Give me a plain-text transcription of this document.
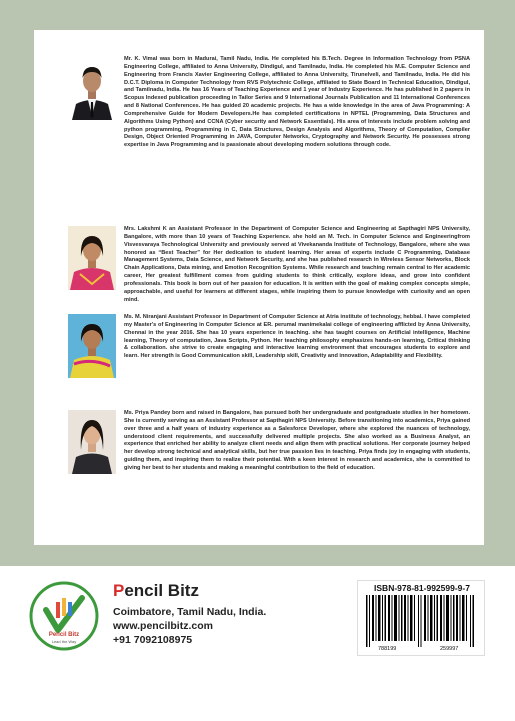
Mr. K. Vimal was born in Madurai, Tamil Nadu, India. He completed his B.Tech. Degree in Information Technology from PSNA Engineering College, affiliated to Anna University, Dindigul, and Tamilnadu, India. He completed his M.E. Computer Science and Engineering from Francis Xavier Engineering College, affiliated to Anna University, Tirunelveli, and Tamilnadu, India. He did his D.C.T. Diploma in Computer Technology from RVS Polytechnic College, affiliated to State Board in Technical Education, Dindigul, and Tamilnadu, India. He has 16 Years of Teaching Experience and 1 year of Industry Experience. He has published in 2 papers in Scopus Indexed publication proceeding in Tailor Series and 9 International Journals Publication and 11 International Conferences and 8 National Conferences. He has guided 20 academic projects. He has a wide knowledge in the area of Java Programming: A Comprehensive Guide for Modern Developers.He has completed certifications in NPTEL (Programming, Data Structures and Algorithms Using Python) and CCNA (Cyber security and Network Essentials). His area of Interests include problem solving and python programming, Programming in C, Data Structures, Design Analysis and Algorithms, Theory of Computation, Compiler Design, Object Oriented Programming in JAVA, Computer Networks, Cryptography and Network Security. He possesses strong expertise in Java Programming and is passionate about developing modern solutions through code.
Mrs. Lakshmi K an Assistant Professor in the Department of Computer Science and Engineering at Sapthagiri NPS University, Bangalore, with more than 10 years of Teaching Experience. she hold an M. Tech. in Computer Science and Engineeringfrom Visvesvaraya Technological University and previously served at Vivekananda Institute of Technology, Bangalore, where she was honored as “Best Teacher” for Her dedication to student learning. Her areas of experts include C Programming, Database Management Systems, Data Science, and Network Security, and she has published research in Wireless Sensor Networks, Block Chain Applications, Data mining, and Emotion Recognition Systems. While research and teaching remain central to Her academic career, Her greatest fulfillment comes from guiding students to think critically, explore ideas, and grow into confident professionals. This book is born out of her passion for education. It is written with the goal of making complex concepts simple, approachable, and useful for learners at different stages, while inspiring them to pursue knowledge with curiosity and an open mind.
Ms. M. Niranjani Assistant Professor in Department of Computer Science at Atria institute of technology, hebbal. I have completed my Master's of Engineering in Computer Science at ER. perumal manimekalai college of engineering afflicted by Anna University, Chennai in the year 2016. She has 10 years experience in teaching. she has taught courses on Artificial intelligence, Machine learning, Theory of computation, Java Scripts, Python. Her teaching philosophy emphasizes hands-on learning, Critical thinking & collaboration. she strive to create engaging and interactive learning environment that encourages students to explore and learn. Her strength is Good Communication skill, Leadership skill, Creativity and innovation, Adaptability and Flexibility.
Ms. Priya Pandey born and raised in Bangalore, has pursued both her undergraduate and postgraduate studies in her hometown. She is currently serving as an Assistant Professor at Sapthagiri NPS University. Before transitioning into academics, Priya gained over three and a half years of industry experience as a Salesforce Developer, where she explored the nuances of technology, understood client requirements, and successfully delivered multiple projects. She also worked as a Business Analyst, an experience that enriched her ability to analyze client needs and align them with practical solutions. Her corporate journey helped her develop strong technical and analytical skills, but her true passion lies in teaching. Priya finds joy in engaging with students, guiding them, and inspiring them to realize their potential. With a keen interest in research and academics, she is committed to giving her best to her students and making a meaningful contribution to the field of education.
Pencil Bitz
Lead the Way
Pencil Bitz
Coimbatore, Tamil Nadu, India.
www.pencilbitz.com
+91 7092108975
ISBN-978-81-992599-9-7
788199	259997
